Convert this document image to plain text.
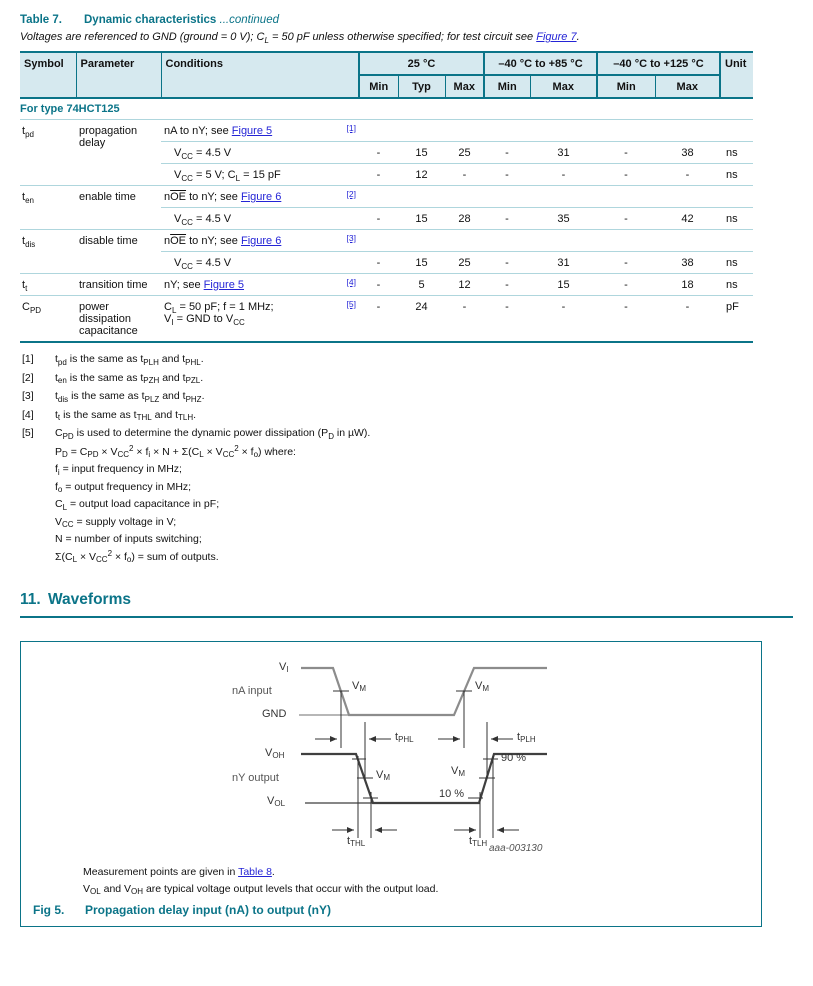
Table 7. Dynamic characteristics ...continued
Voltages are referenced to GND (ground = 0 V); $C_L = 50$ pF unless otherwise specified; for test circuit see Figure 7.
Symbol	Parameter	Conditions	25 °C			–40 °C to +85 °C		–40 °C to +125 °C		Unit
			Min	Typ	Max	Min	Max	Min	Max	
For type 74HCT125										
$t_{pd}$	propagation delay	nA to nY; see Figure 5 [1]

		$V_{CC} = 4.5$ V	-	15	25	-	31	-	38	ns
		$V_{CC} = 5$ V; $C_L = 15$ pF	-	12	-	-	-	-	-	ns
$t_{en}$	enable time	$n\overline{OE}$ to nY; see Figure 6 [2]

		$V_{CC} = 4.5$ V	-	15	28	-	35	-	42	ns
$t_{dis}$	disable time	$n\overline{OE}$ to nY; see Figure 6 [3]

		$V_{CC} = 4.5$ V	-	15	25	-	31	-	38	ns
$t_t$	transition time	nY; see Figure 5 [4]	-	5	12	-	15	-	18	ns
$C_{PD}$	power dissipation capacitance	$C_L = 50$ pF; f = 1 MHz;
$V_I$ = GND to $V_{CC}$
[5]	-	24	-	-	-	-	-	pF
[1]	$t_{pd}$ is the same as $t_{PLH}$ and $t_{PHL}$.
[2]	$t_{en}$ is the same as $t_{PZH}$ and $t_{PZL}$.
[3]	$t_{dis}$ is the same as $t_{PLZ}$ and $t_{PHZ}$.
[4]	$t_t$ is the same as $t_{THL}$ and $t_{TLH}$.
[5]	$C_{PD}$ is used to determine the dynamic power dissipation ($P_D$ in µW).
$P_D = C_{PD} \times V_{CC}^2 \times f_i \times N + \Sigma(C_L \times V_{CC}^2 \times f_o)$ where:
$f_i$ = input frequency in MHz;
$f_o$ = output frequency in MHz;
$C_L$ = output load capacitance in pF;
$V_{CC}$ = supply voltage in V;
N = number of inputs switching;
$\Sigma(C_L \times V_{CC}^2 \times f_o)$ = sum of outputs.
11. Waveforms
$V_I$
nA input
GND
$V_M$	$V_M$
$t_{PHL}$	$t_{PLH}$
$V_{OH}$
nY output	$V_M$
$V_M$
90 %
10 %
$V_{OL}$
$t_{THL}$	$t_{TLH}$ aaa-003130
Measurement points are given in Table 8.
$V_{OL}$ and $V_{OH}$ are typical voltage output levels that occur with the output load.
Fig 5.	Propagation delay input (nA) to output (nY)
